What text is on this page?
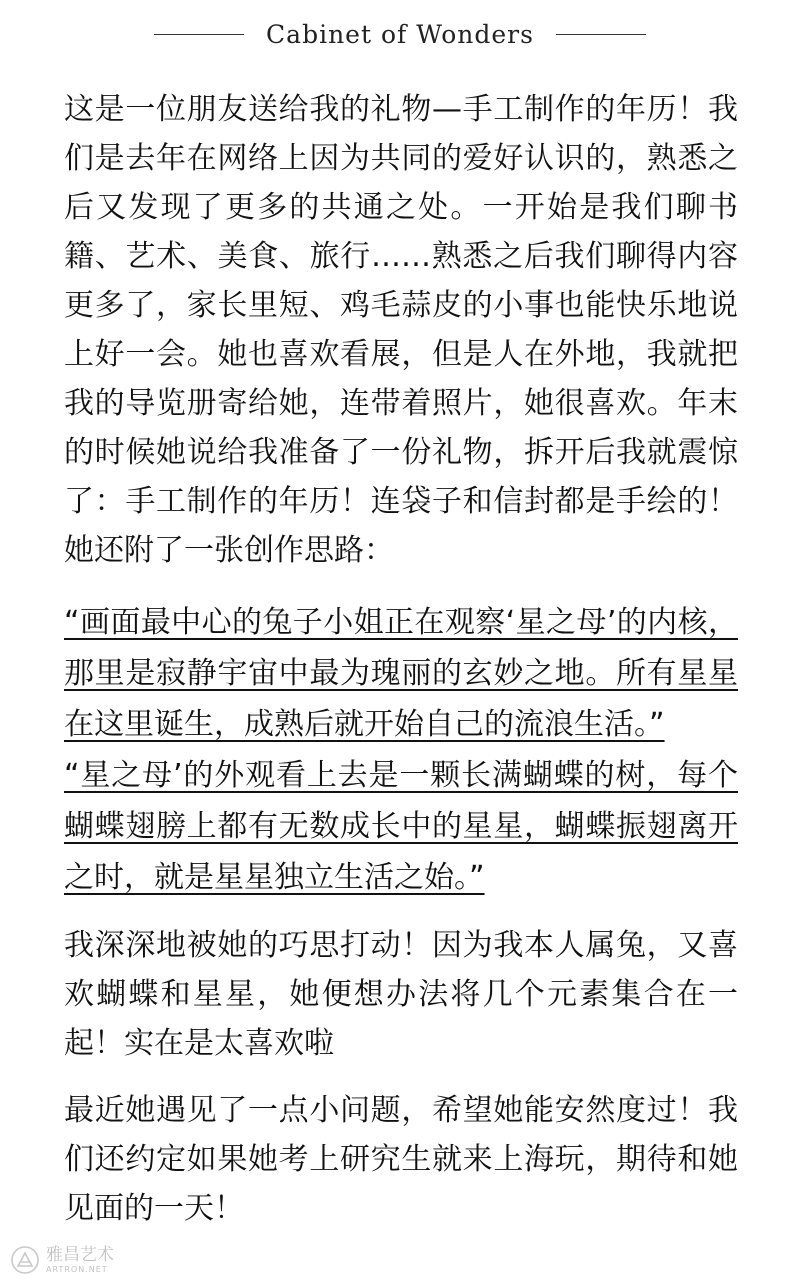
Cabinet of Wonders

这是一位朋友送给我的礼物—手工制作的年历！我们是去年在网络上因为共同的爱好认识的，熟悉之后又发现了更多的共通之处。一开始是我们聊书籍、艺术、美食、旅行……熟悉之后我们聊得内容更多了，家长里短、鸡毛蒜皮的小事也能快乐地说上好一会。她也喜欢看展，但是人在外地，我就把我的导览册寄给她，连带着照片，她很喜欢。年末的时候她说给我准备了一份礼物，拆开后我就震惊了：手工制作的年历！连袋子和信封都是手绘的！她还附了一张创作思路：

“画面最中心的兔子小姐正在观察‘星之母’的内核，那里是寂静宇宙中最为瑰丽的玄妙之地。所有星星在这里诞生，成熟后就开始自己的流浪生活。”
“星之母’的外观看上去是一颗长满蝴蝶的树，每个蝴蝶翅膀上都有无数成长中的星星，蝴蝶振翅离开之时，就是星星独立生活之始。”

我深深地被她的巧思打动！因为我本人属兔，又喜欢蝴蝶和星星，她便想办法将几个元素集合在一起！实在是太喜欢啦

最近她遇见了一点小问题，希望她能安然度过！我们还约定如果她考上研究生就来上海玩，期待和她见面的一天！

雅昌艺术
ARTRON.NET
